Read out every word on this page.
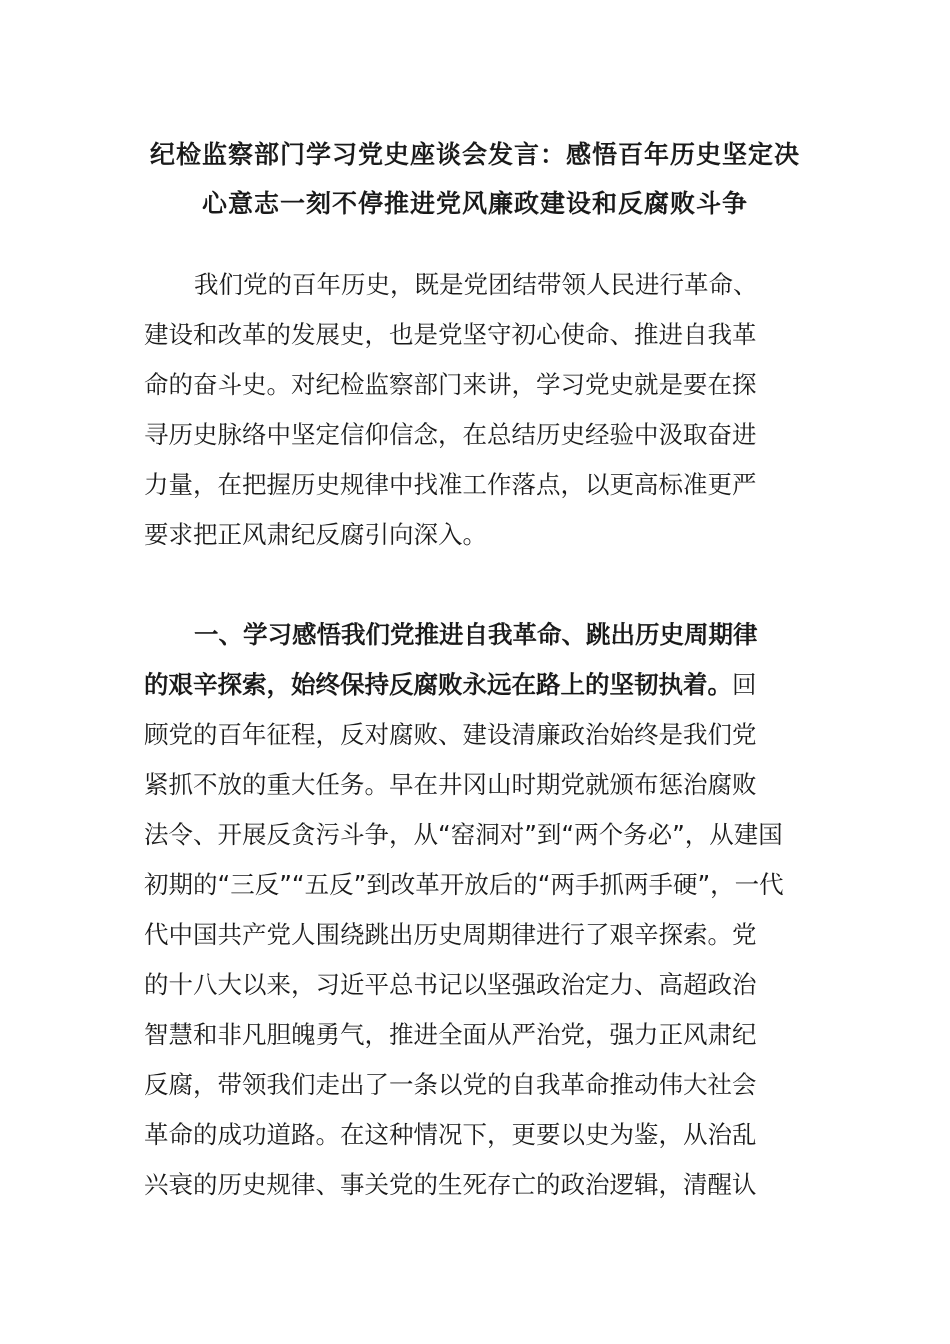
纪检监察部门学习党史座谈会发言：感悟百年历史坚定决
心意志一刻不停推进党风廉政建设和反腐败斗争
我们党的百年历史，既是党团结带领人民进行革命、
建设和改革的发展史，也是党坚守初心使命、推进自我革
命的奋斗史。对纪检监察部门来讲，学习党史就是要在探
寻历史脉络中坚定信仰信念，在总结历史经验中汲取奋进
力量，在把握历史规律中找准工作落点，以更高标准更严
要求把正风肃纪反腐引向深入。
一、学习感悟我们党推进自我革命、跳出历史周期律
的艰辛探索，始终保持反腐败永远在路上的坚韧执着。回
顾党的百年征程，反对腐败、建设清廉政治始终是我们党
紧抓不放的重大任务。早在井冈山时期党就颁布惩治腐败
法令、开展反贪污斗争，从“窑洞对”到“两个务必”，从建国
初期的“三反”“五反”到改革开放后的“两手抓两手硬”，一代
代中国共产党人围绕跳出历史周期律进行了艰辛探索。党
的十八大以来，习近平总书记以坚强政治定力、高超政治
智慧和非凡胆魄勇气，推进全面从严治党，强力正风肃纪
反腐，带领我们走出了一条以党的自我革命推动伟大社会
革命的成功道路。在这种情况下，更要以史为鉴，从治乱
兴衰的历史规律、事关党的生死存亡的政治逻辑，清醒认
